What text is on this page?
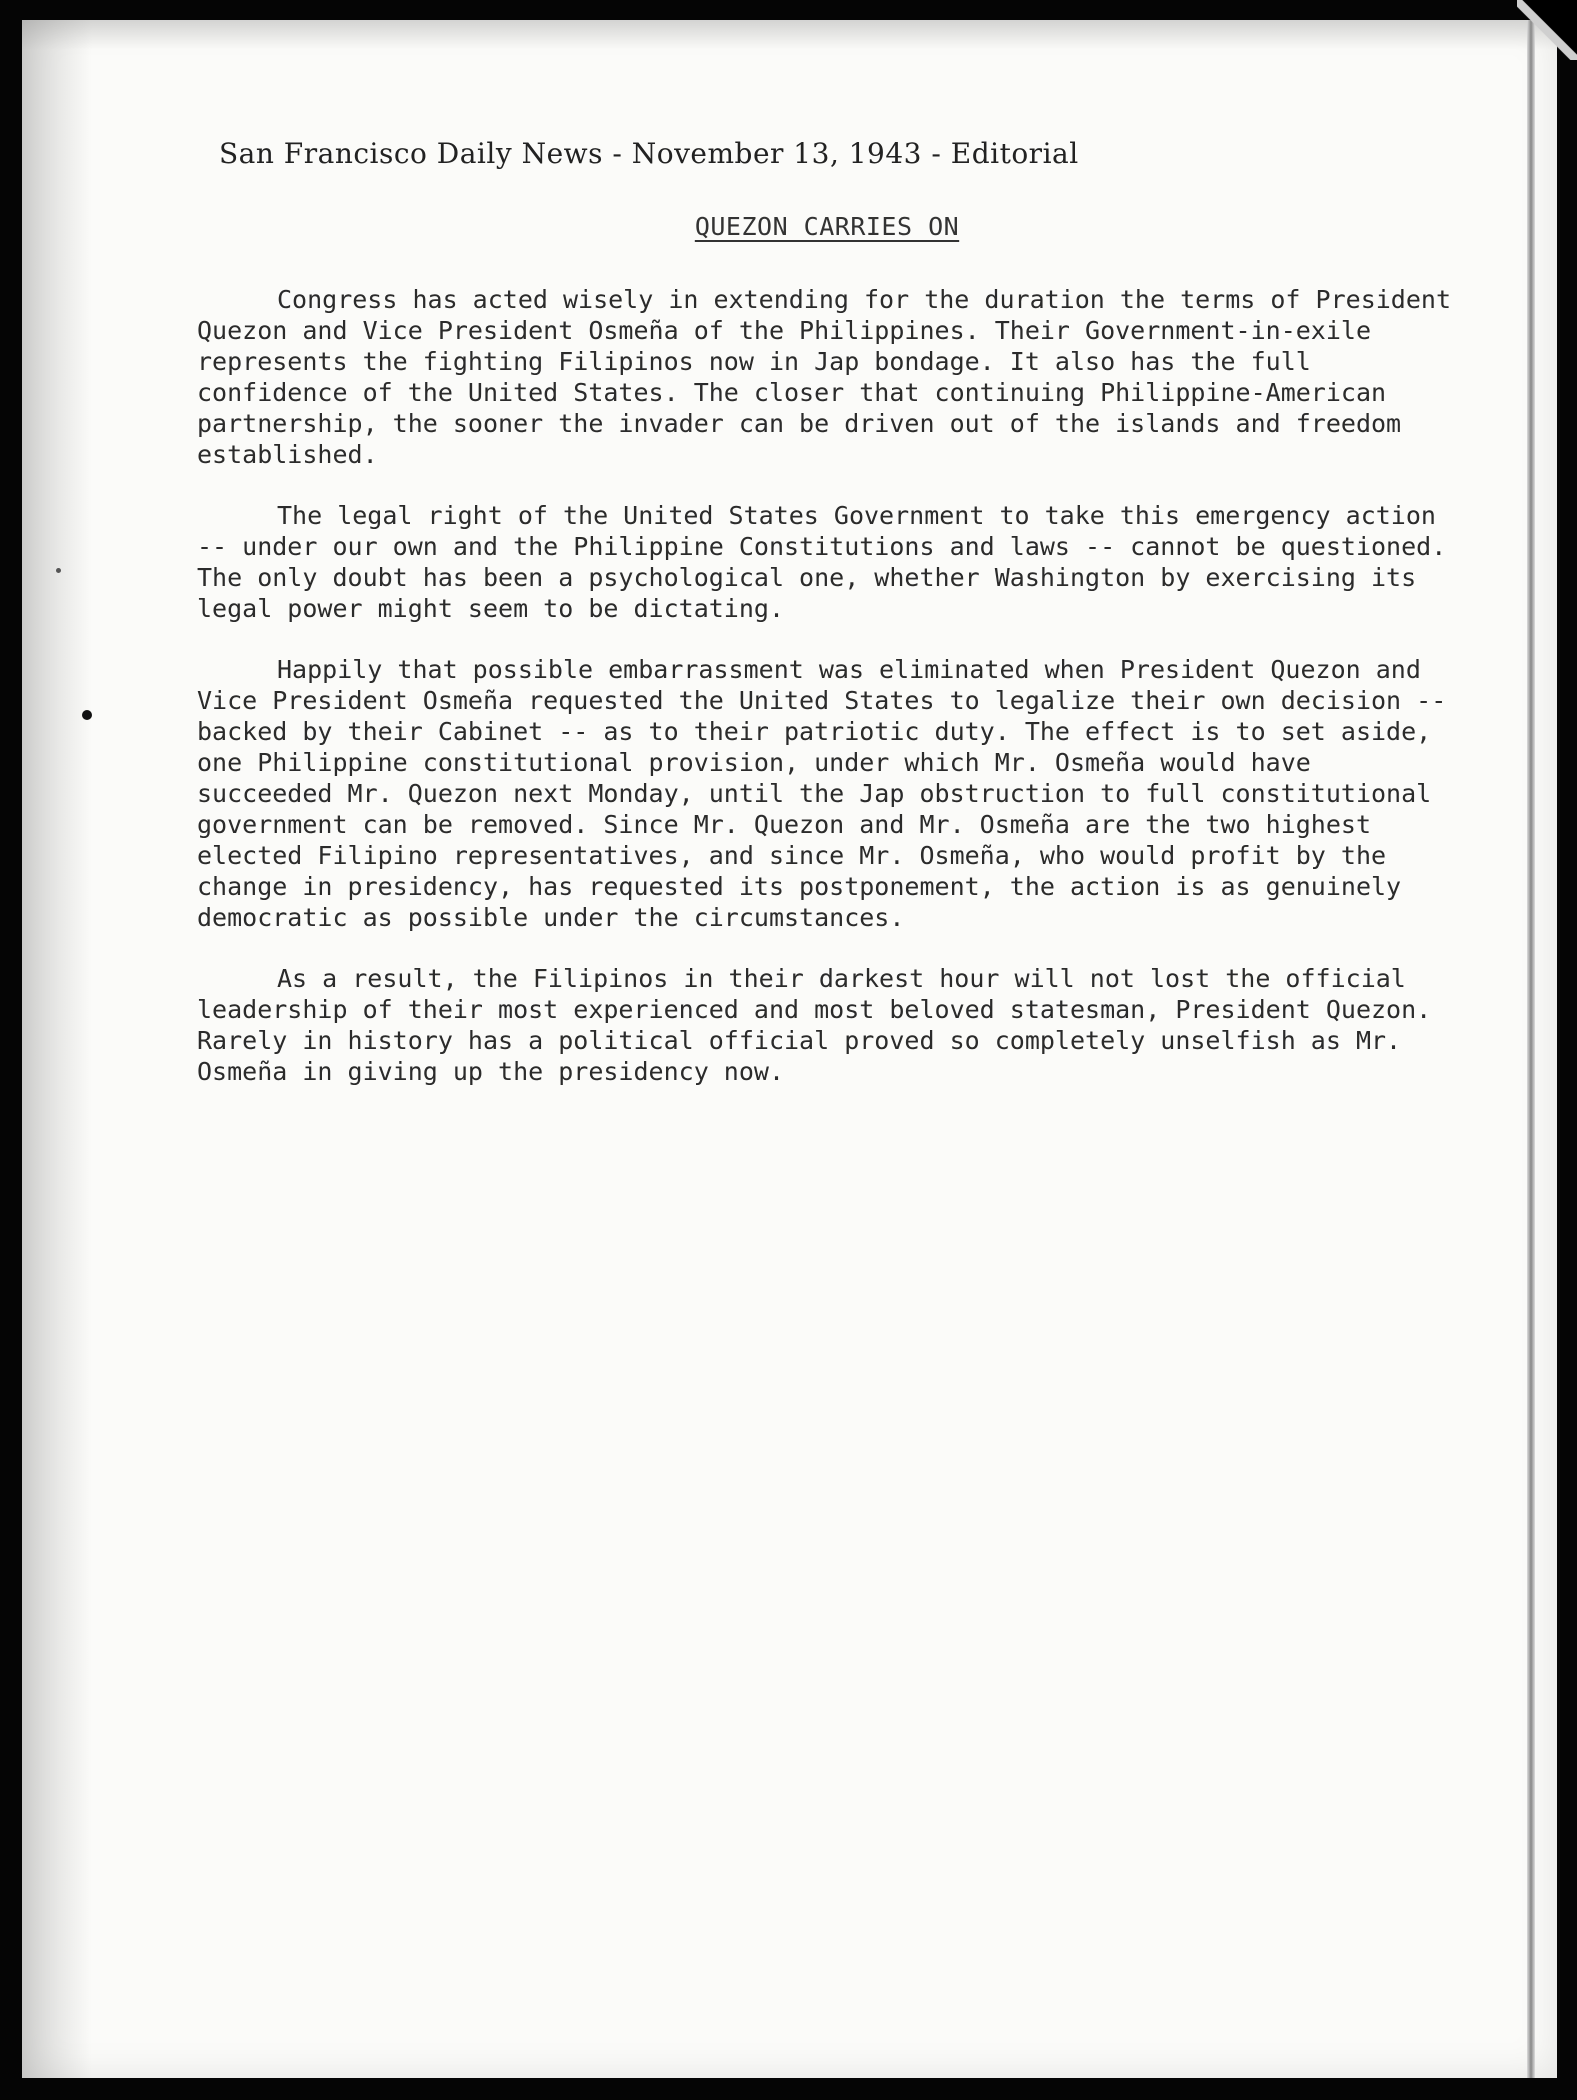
San Francisco Daily News - November 13, 1943 - Editorial
QUEZON CARRIES ON
Congress has acted wisely in extending for the duration the terms of President Quezon and Vice President Osmeña of the Philippines. Their Government-in-exile represents the fighting Filipinos now in Jap bondage. It also has the full confidence of the United States. The closer that continuing Philippine-American partnership, the sooner the invader can be driven out of the islands and freedom established.
The legal right of the United States Government to take this emergency action -- under our own and the Philippine Constitutions and laws -- cannot be questioned. The only doubt has been a psychological one, whether Washington by exercising its legal power might seem to be dictating.
Happily that possible embarrassment was eliminated when President Quezon and Vice President Osmeña requested the United States to legalize their own decision -- backed by their Cabinet -- as to their patriotic duty. The effect is to set aside, one Philippine constitutional provision, under which Mr. Osmeña would have succeeded Mr. Quezon next Monday, until the Jap obstruction to full constitutional government can be removed. Since Mr. Quezon and Mr. Osmeña are the two highest elected Filipino representatives, and since Mr. Osmeña, who would profit by the change in presidency, has requested its postponement, the action is as genuinely democratic as possible under the circumstances.
As a result, the Filipinos in their darkest hour will not lost the official leadership of their most experienced and most beloved statesman, President Quezon. Rarely in history has a political official proved so completely unselfish as Mr. Osmeña in giving up the presidency now.
